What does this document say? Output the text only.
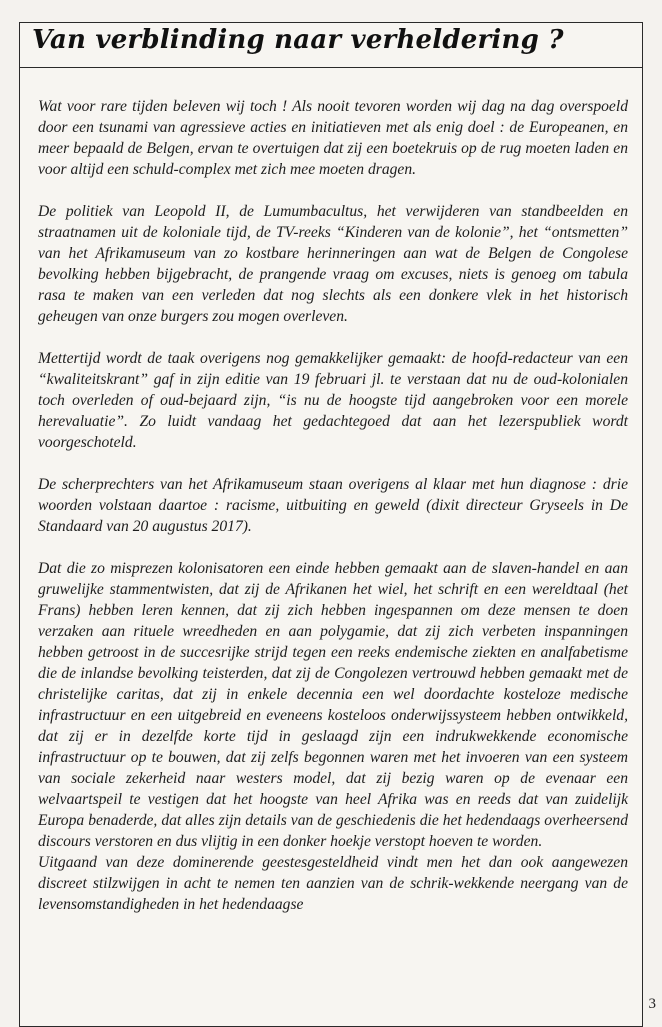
Van verblinding naar verheldering ?

Wat voor rare tijden beleven wij toch ! Als nooit tevoren worden wij dag na dag overspoeld door een tsunami van agressieve acties en initiatieven met als enig doel : de Europeanen, en meer bepaald de Belgen, ervan te overtuigen dat zij een boetekruis op de rug moeten laden en voor altijd een schuld-complex met zich mee moeten dragen.

De politiek van Leopold II, de Lumumbacultus, het verwijderen van standbeelden en straatnamen uit de koloniale tijd, de TV-reeks “Kinderen van de kolonie”, het “ontsmetten” van het Afrikamuseum van zo kostbare herinneringen aan wat de Belgen de Congolese bevolking hebben bijgebracht, de prangende vraag om excuses, niets is genoeg om tabula rasa te maken van een verleden dat nog slechts als een donkere vlek in het historisch geheugen van onze burgers zou mogen overleven.

Mettertijd wordt de taak overigens nog gemakkelijker gemaakt: de hoofd-redacteur van een “kwaliteitskrant” gaf in zijn editie van 19 februari jl. te verstaan dat nu de oud-kolonialen toch overleden of oud-bejaard zijn, “is nu de hoogste tijd aangebroken voor een morele herevaluatie”. Zo luidt vandaag het gedachtegoed dat aan het lezerspubliek wordt voorgeschoteld.

De scherprechters van het Afrikamuseum staan overigens al klaar met hun diagnose : drie woorden volstaan daartoe : racisme, uitbuiting en geweld (dixit directeur Gryseels in De Standaard van 20 augustus 2017).

Dat die zo misprezen kolonisatoren een einde hebben gemaakt aan de slaven-handel en aan gruwelijke stammentwisten, dat zij de Afrikanen het wiel, het schrift en een wereldtaal (het Frans) hebben leren kennen, dat zij zich hebben ingespannen om deze mensen te doen verzaken aan rituele wreedheden en aan polygamie, dat zij zich verbeten inspanningen hebben getroost in de succesrijke strijd tegen een reeks endemische ziekten en analfabetisme die de inlandse bevolking teisterden, dat zij de Congolezen vertrouwd hebben gemaakt met de christelijke caritas, dat zij in enkele decennia een wel doordachte kosteloze medische infrastructuur en een uitgebreid en eveneens kosteloos onderwijssysteem hebben ontwikkeld, dat zij er in dezelfde korte tijd in geslaagd zijn een indrukwekkende economische infrastructuur op te bouwen, dat zij zelfs begonnen waren met het invoeren van een systeem van sociale zekerheid naar westers model, dat zij bezig waren op de evenaar een welvaartspeil te vestigen dat het hoogste van heel Afrika was en reeds dat van zuidelijk Europa benaderde, dat alles zijn details van de geschiedenis die het hedendaags overheersend discours verstoren en dus vlijtig in een donker hoekje verstopt hoeven te worden.

Uitgaand van deze dominerende geestesgesteldheid vindt men het dan ook aangewezen discreet stilzwijgen in acht te nemen ten aanzien van de schrik-wekkende neergang van de levensomstandigheden in het hedendaagse

3
